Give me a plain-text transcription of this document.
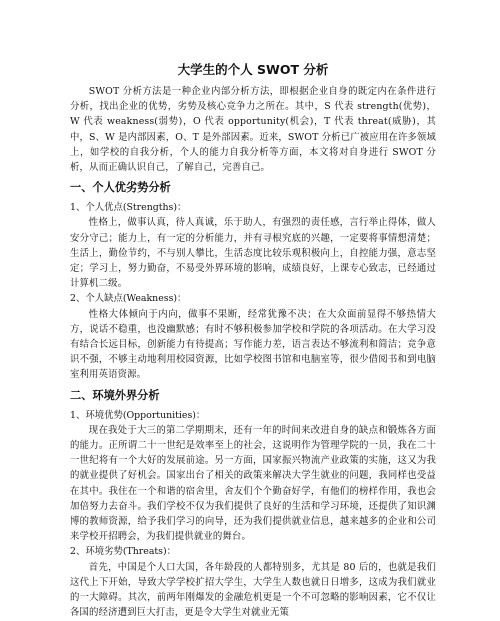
大学生的个人 SWOT 分析

SWOT 分析方法是一种企业内部分析方法，即根据企业自身的既定内在条件进行分析，找出企业的优势，劣势及核心竞争力之所在。其中，S 代表 strength(优势)，W 代表 weakness(弱势)，O 代表 opportunity(机会)，T 代表 threat(威胁)，其中，S、W 是内部因素，O、T 是外部因素。近来，SWOT 分析已广被应用在许多领域上，如学校的自我分析，个人的能力自我分析等方面，本文将对自身进行 SWOT 分析，从而正确认识自己，了解自己，完善自己。

一、个人优劣势分析
1、个人优点(Strengths)：

性格上，做事认真，待人真诚，乐于助人，有强烈的责任感，言行举止得体，做人安分守己；能力上，有一定的分析能力，并有寻根究底的兴趣，一定要将事情想清楚；生活上，勤俭节约，不与别人攀比，生活态度比较乐观积极向上，自控能力强，意志坚定；学习上，努力勤奋，不易受外界环境的影响，成绩良好，上课专心致志，已经通过计算机二级。

2、个人缺点(Weakness)：

性格大体倾向于内向，做事不果断，经常犹豫不决；在大众面前显得不够热情大方，说话不稳重，也没幽默感；有时不够积极参加学校和学院的各项活动。在大学习没有结合长远目标，创新能力有待提高；写作能力差，语言表达不够流利和简洁；竞争意识不强，不够主动地利用校园资源，比如学校图书馆和电脑室等，很少借阅书和到电脑室利用英语资源。

二、环境外界分析
1、环境优势(Opportunities)：

现在我处于大三的第二学期期末，还有一年的时间来改进自身的缺点和锻炼各方面的能力。正所谓二十一世纪是效率至上的社会，这说明作为管理学院的一员，我在二十一世纪将有一个大好的发展前途。另一方面，国家振兴物流产业政策的实施，这又为我的就业提供了好机会。国家出台了相关的政策来解决大学生就业的问题，我同样也受益在其中。我住在一个和谐的宿舍里，舍友们个个勤奋好学，有他们的榜样作用，我也会加倍努力去奋斗。我们学校不仅为我们提供了良好的生活和学习环境，还提供了知识渊博的教师资源，给予我们学习的向导，还为我们提供就业信息，越来越多的企业和公司来学校开招聘会，为我们提供就业的舞台。

2、环境劣势(Threats)：

首先，中国是个人口大国，各年龄段的人都特别多，尤其是 80 后的，也就是我们这代上下开始，导致大学学校扩招大学生，大学生人数也就日日增多，这成为我们就业的一大障碍。其次，前两年刚爆发的金融危机更是一个不可忽略的影响因素，它不仅让各国的经济遭到巨大打击，更是令大学生对就业无策
